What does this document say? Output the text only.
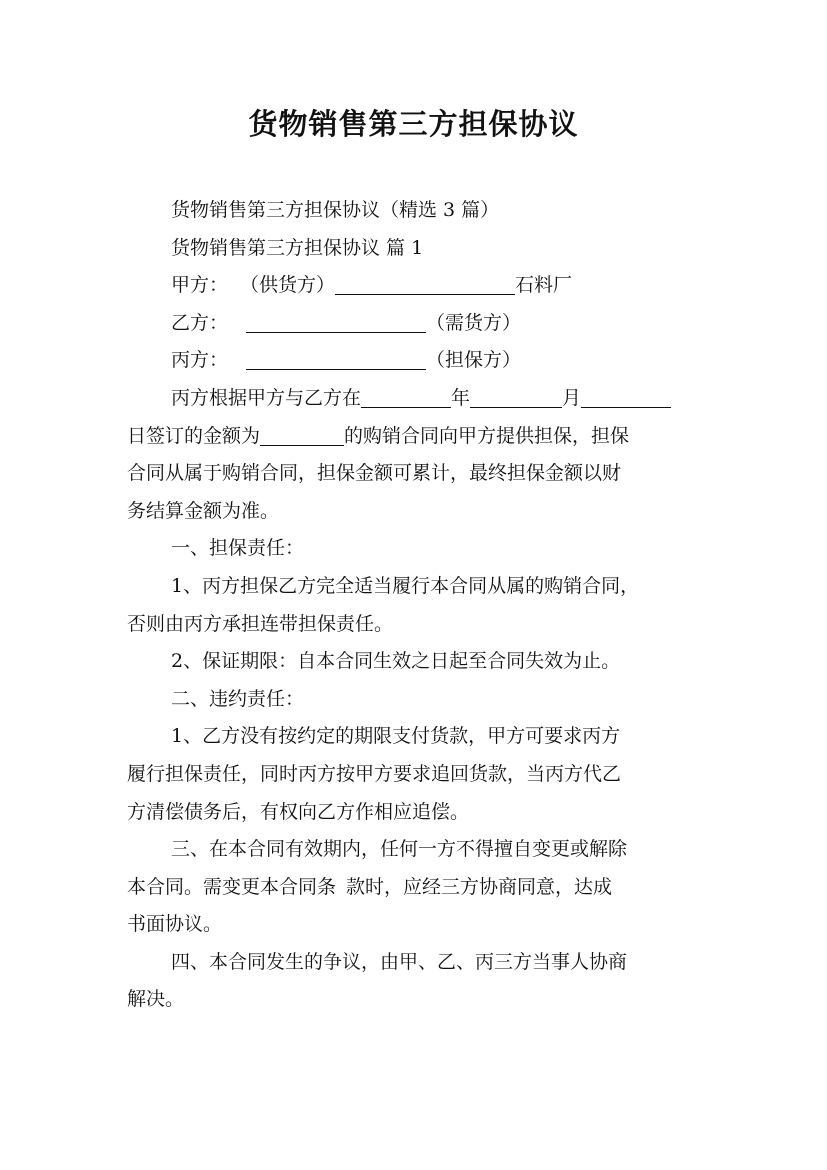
货物销售第三方担保协议
货物销售第三方担保协议（精选 3 篇）
货物销售第三方担保协议 篇 1
甲方： （供货方）	石料厂
乙方：	（需货方）
丙方：	（担保方）
丙方根据甲方与乙方在	年	月
日签订的金额为	的购销合同向甲方提供担保，担保
合同从属于购销合同，担保金额可累计，最终担保金额以财
务结算金额为准。
一、担保责任：
1、丙方担保乙方完全适当履行本合同从属的购销合同，
否则由丙方承担连带担保责任。
2、保证期限：自本合同生效之日起至合同失效为止。
二、违约责任：
1、乙方没有按约定的期限支付货款，甲方可要求丙方
履行担保责任，同时丙方按甲方要求追回货款，当丙方代乙
方清偿债务后，有权向乙方作相应追偿。
三、在本合同有效期内，任何一方不得擅自变更或解除
本合同。需变更本合同条 款时，应经三方协商同意，达成
书面协议。
四、本合同发生的争议，由甲、乙、丙三方当事人协商
解决。
